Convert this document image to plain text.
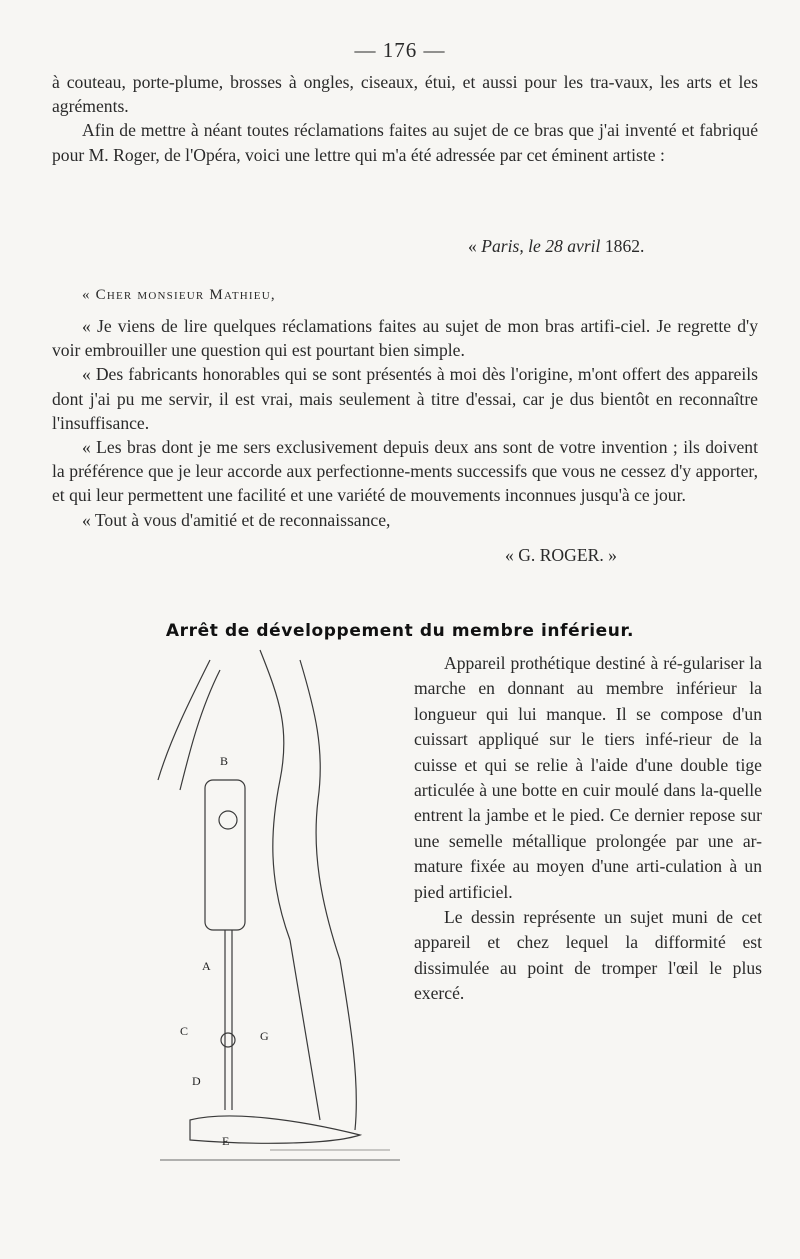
— 176 —

à couteau, porte-plume, brosses à ongles, ciseaux, étui, et aussi pour les tra-vaux, les arts et les agréments.

Afin de mettre à néant toutes réclamations faites au sujet de ce bras que j'ai inventé et fabriqué pour M. Roger, de l'Opéra, voici une lettre qui m'a été adressée par cet éminent artiste :

« Paris, le 28 avril 1862.
« Cher monsieur Mathieu,

« Je viens de lire quelques réclamations faites au sujet de mon bras artifi-ciel. Je regrette d'y voir embrouiller une question qui est pourtant bien simple.

« Des fabricants honorables qui se sont présentés à moi dès l'origine, m'ont offert des appareils dont j'ai pu me servir, il est vrai, mais seulement à titre d'essai, car je dus bientôt en reconnaître l'insuffisance.

« Les bras dont je me sers exclusivement depuis deux ans sont de votre invention ; ils doivent la préférence que je leur accorde aux perfectionne-ments successifs que vous ne cessez d'y apporter, et qui leur permettent une facilité et une variété de mouvements inconnues jusqu'à ce jour.

« Tout à vous d'amitié et de reconnaissance,

« G. ROGER. »
Arrêt de développement du membre inférieur.
B
A
C	G
D
E

Appareil prothétique destiné à ré-gulariser la marche en donnant au membre inférieur la longueur qui lui manque. Il se compose d'un cuissart appliqué sur le tiers infé-rieur de la cuisse et qui se relie à l'aide d'une double tige articulée à une botte en cuir moulé dans la-quelle entrent la jambe et le pied. Ce dernier repose sur une semelle métallique prolongée par une ar-mature fixée au moyen d'une arti-culation à un pied artificiel.

Le dessin représente un sujet muni de cet appareil et chez lequel la difformité est dissimulée au point de tromper l'œil le plus exercé.
